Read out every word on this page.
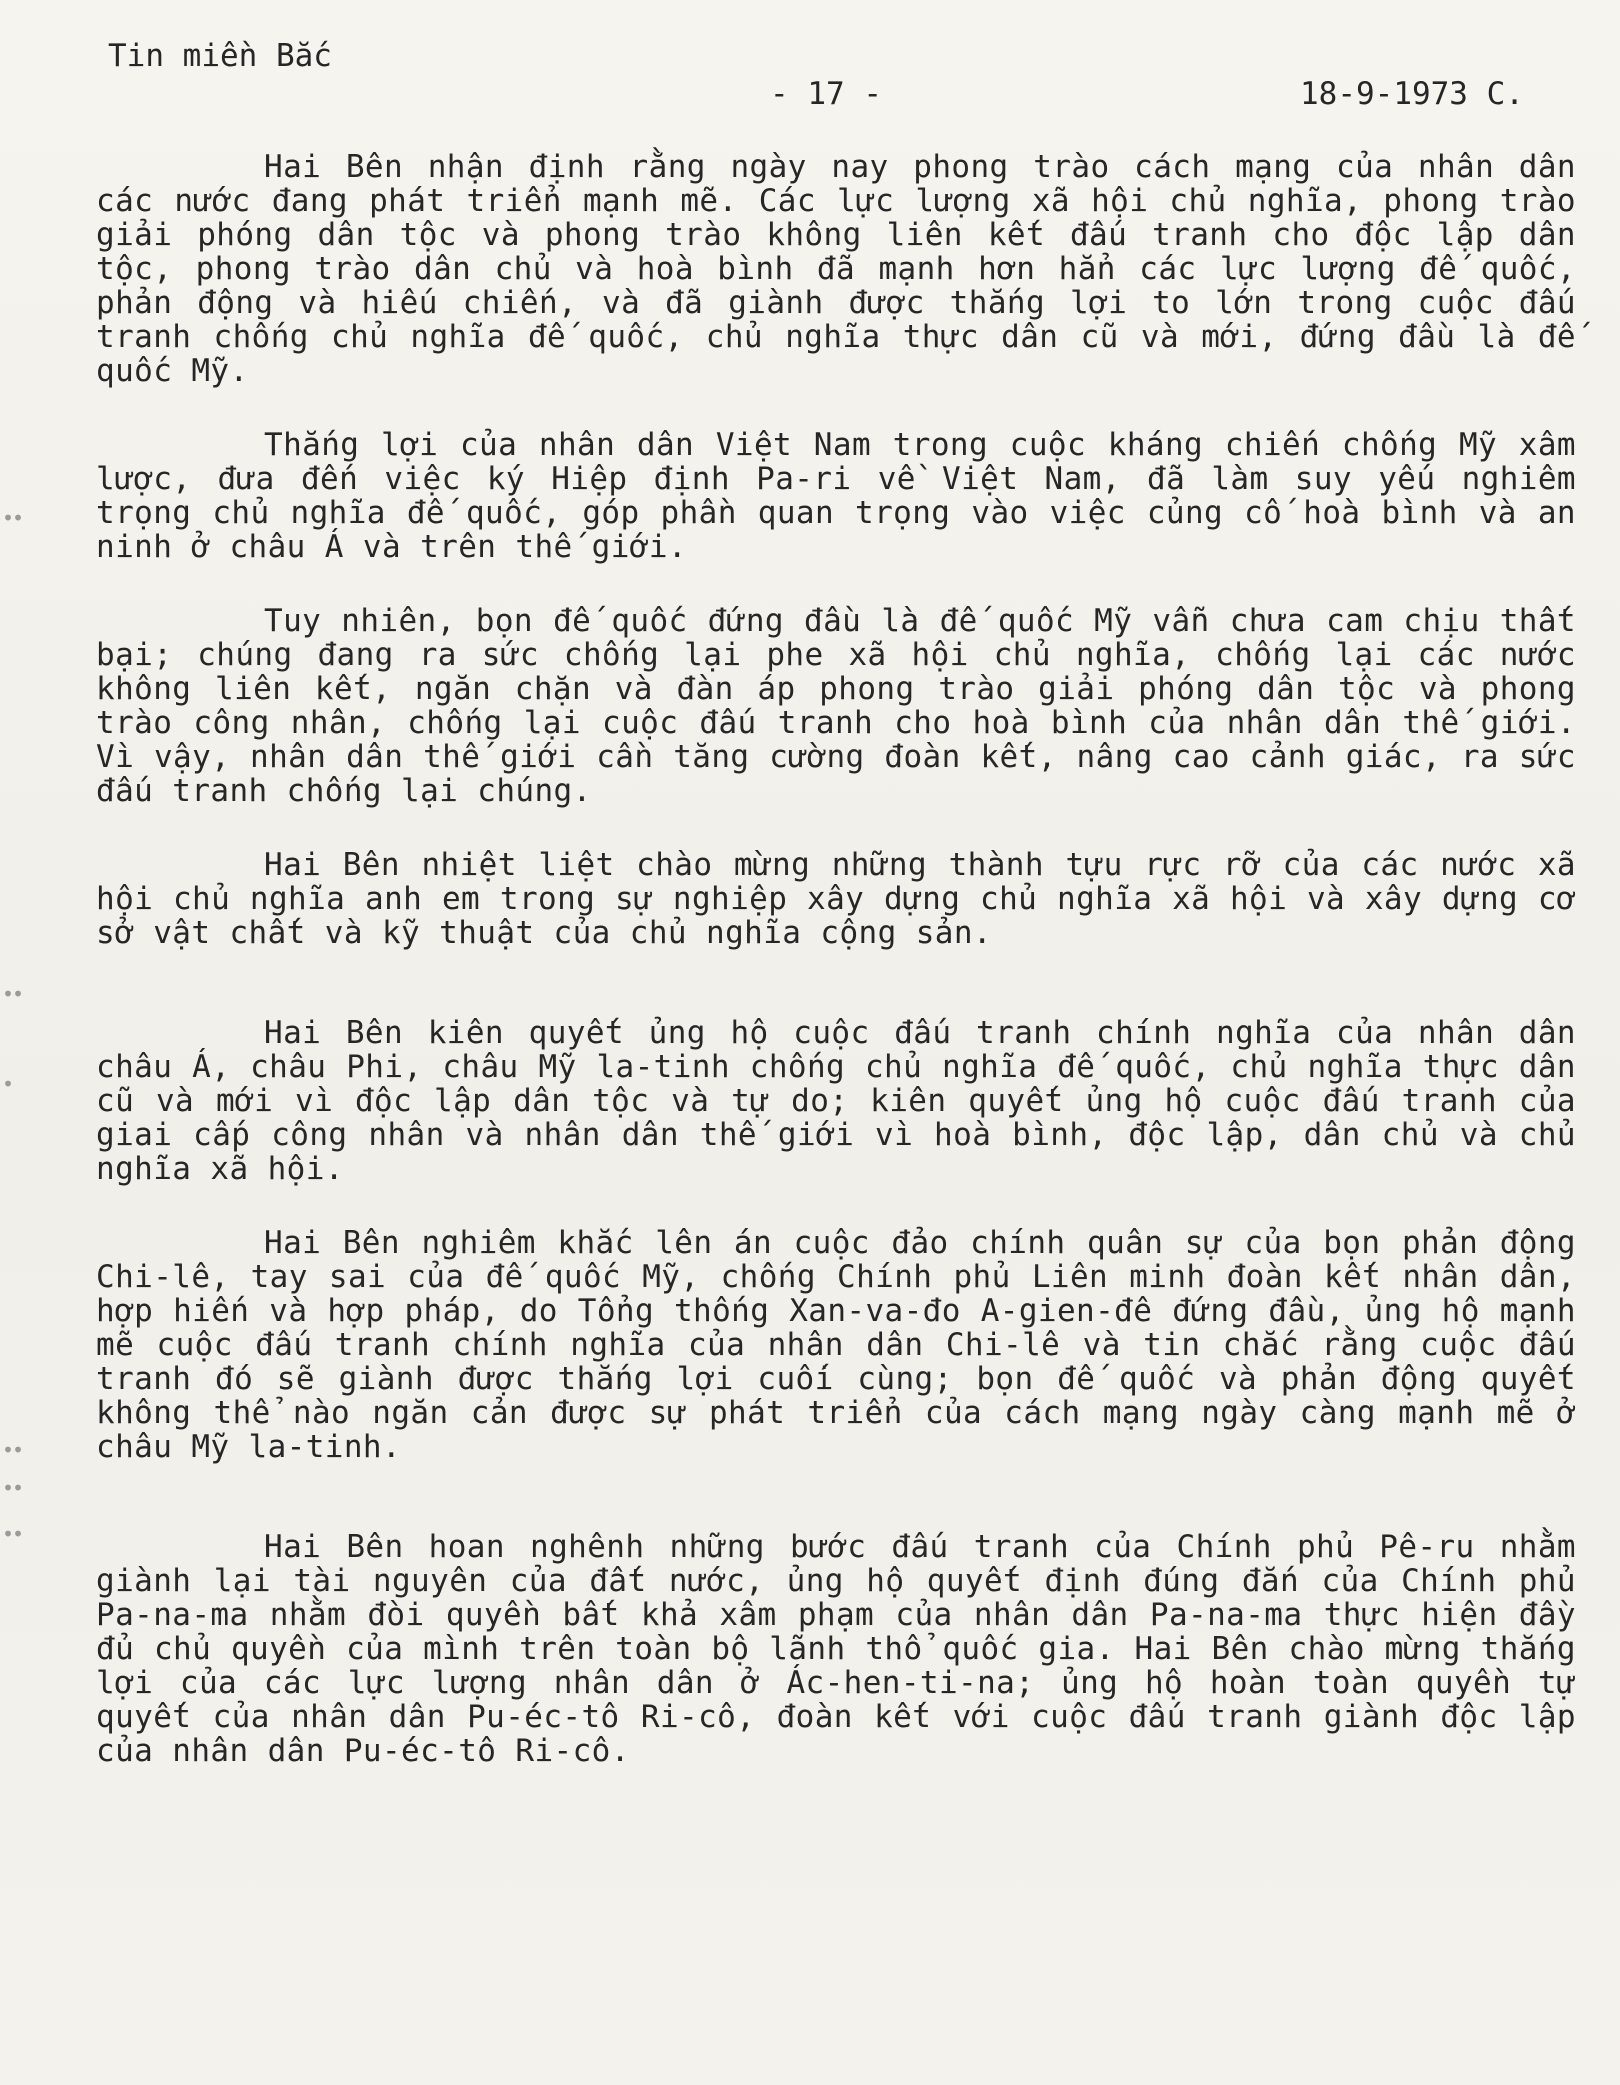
••
••
•
••
••
••
Tin miền Bắc
- 17 -	18-9-1973 C.

Hai Bên nhận định rằng ngày nay phong trào cách mạng của nhân dân các nước đang phát triển mạnh mẽ. Các lực lượng xã hội chủ nghĩa, phong trào giải phóng dân tộc và phong trào không liên kết đấu tranh cho độc lập dân tộc, phong trào dân chủ và hoà bình đã mạnh hơn hẳn các lực lượng đế quốc, phản động và hiếu chiến, và đã giành được thắng lợi to lớn trong cuộc đấu tranh chống chủ nghĩa đế quốc, chủ nghĩa thực dân cũ và mới, đứng đầu là đế quốc Mỹ.

Thắng lợi của nhân dân Việt Nam trong cuộc kháng chiến chống Mỹ xâm lược, đưa đến việc ký Hiệp định Pa-ri về Việt Nam, đã làm suy yếu nghiêm trọng chủ nghĩa đế quốc, góp phần quan trọng vào việc củng cố hoà bình và an ninh ở châu Á và trên thế giới.

Tuy nhiên, bọn đế quốc đứng đầu là đế quốc Mỹ vẫn chưa cam chịu thất bại; chúng đang ra sức chống lại phe xã hội chủ nghĩa, chống lại các nước không liên kết, ngăn chặn và đàn áp phong trào giải phóng dân tộc và phong trào công nhân, chống lại cuộc đấu tranh cho hoà bình của nhân dân thế giới. Vì vậy, nhân dân thế giới cần tăng cường đoàn kết, nâng cao cảnh giác, ra sức đấu tranh chống lại chúng.

Hai Bên nhiệt liệt chào mừng những thành tựu rực rỡ của các nước xã hội chủ nghĩa anh em trong sự nghiệp xây dựng chủ nghĩa xã hội và xây dựng cơ sở vật chất và kỹ thuật của chủ nghĩa cộng sản.

Hai Bên kiên quyết ủng hộ cuộc đấu tranh chính nghĩa của nhân dân châu Á, châu Phi, châu Mỹ la-tinh chống chủ nghĩa đế quốc, chủ nghĩa thực dân cũ và mới vì độc lập dân tộc và tự do; kiên quyết ủng hộ cuộc đấu tranh của giai cấp công nhân và nhân dân thế giới vì hoà bình, độc lập, dân chủ và chủ nghĩa xã hội.

Hai Bên nghiêm khắc lên án cuộc đảo chính quân sự của bọn phản động Chi-lê, tay sai của đế quốc Mỹ, chống Chính phủ Liên minh đoàn kết nhân dân, hợp hiến và hợp pháp, do Tổng thống Xan-va-đo A-gien-đê đứng đầu, ủng hộ mạnh mẽ cuộc đấu tranh chính nghĩa của nhân dân Chi-lê và tin chắc rằng cuộc đấu tranh đó sẽ giành được thắng lợi cuối cùng; bọn đế quốc và phản động quyết không thể nào ngăn cản được sự phát triển của cách mạng ngày càng mạnh mẽ ở châu Mỹ la-tinh.

Hai Bên hoan nghênh những bước đấu tranh của Chính phủ Pê-ru nhằm giành lại tài nguyên của đất nước, ủng hộ quyết định đúng đắn của Chính phủ Pa-na-ma nhằm đòi quyền bất khả xâm phạm của nhân dân Pa-na-ma thực hiện đầy đủ chủ quyền của mình trên toàn bộ lãnh thổ quốc gia. Hai Bên chào mừng thắng lợi của các lực lượng nhân dân ở Ác-hen-ti-na; ủng hộ hoàn toàn quyền tự quyết của nhân dân Pu-éc-tô Ri-cô, đoàn kết với cuộc đấu tranh giành độc lập của nhân dân Pu-éc-tô Ri-cô.
